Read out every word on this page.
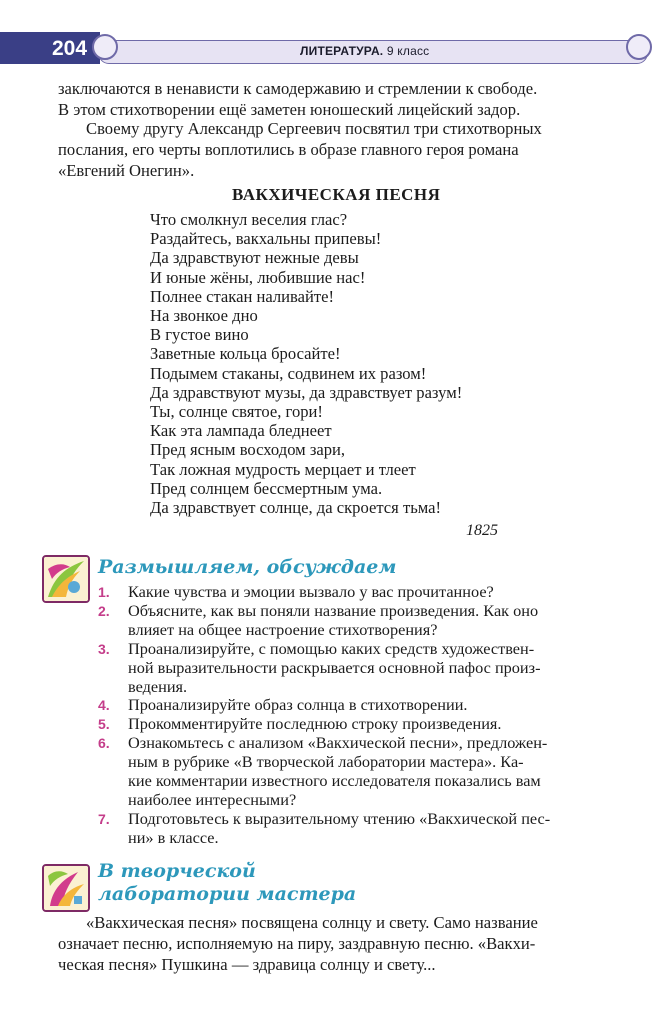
204	ЛИТЕРАТУРА. 9 класс
заключаются в ненависти к самодержавию и стремлении к свободе.
В этом стихотворении ещё заметен юношеский лицейский задор.
Своему другу Александр Сергеевич посвятил три стихотворных
послания, его черты воплотились в образе главного героя романа
«Евгений Онегин».
ВАКХИЧЕСКАЯ ПЕСНЯ
Что смолкнул веселия глас?
Раздайтесь, вакхальны припевы!
Да здравствуют нежные девы
И юные жёны, любившие нас!
Полнее стакан наливайте!
На звонкое дно
В густое вино
Заветные кольца бросайте!
Подымем стаканы, содвинем их разом!
Да здравствуют музы, да здравствует разум!
Ты, солнце святое, гори!
Как эта лампада бледнеет
Пред ясным восходом зари,
Так ложная мудрость мерцает и тлеет
Пред солнцем бессмертным ума.
Да здравствует солнце, да скроется тьма!
1825
Размышляем, обсуждаем
1. Какие чувства и эмоции вызвало у вас прочитанное?
2. Объясните, как вы поняли название произведения. Как оно
влияет на общее настроение стихотворения?
3. Проанализируйте, с помощью каких средств художествен-
ной выразительности раскрывается основной пафос произ-
ведения.
4. Проанализируйте образ солнца в стихотворении.
5. Прокомментируйте последнюю строку произведения.
6. Ознакомьтесь с анализом «Вакхической песни», предложен-
ным в рубрике «В творческой лаборатории мастера». Ка-
кие комментарии известного исследователя показались вам
наиболее интересными?
7. Подготовьтесь к выразительному чтению «Вакхической пес-
ни» в классе.
В творческой
лаборатории мастера
«Вакхическая песня» посвящена солнцу и свету. Само название
означает песню, исполняемую на пиру, заздравную песню. «Вакхи-
ческая песня» Пушкина — здравица солнцу и свету...
